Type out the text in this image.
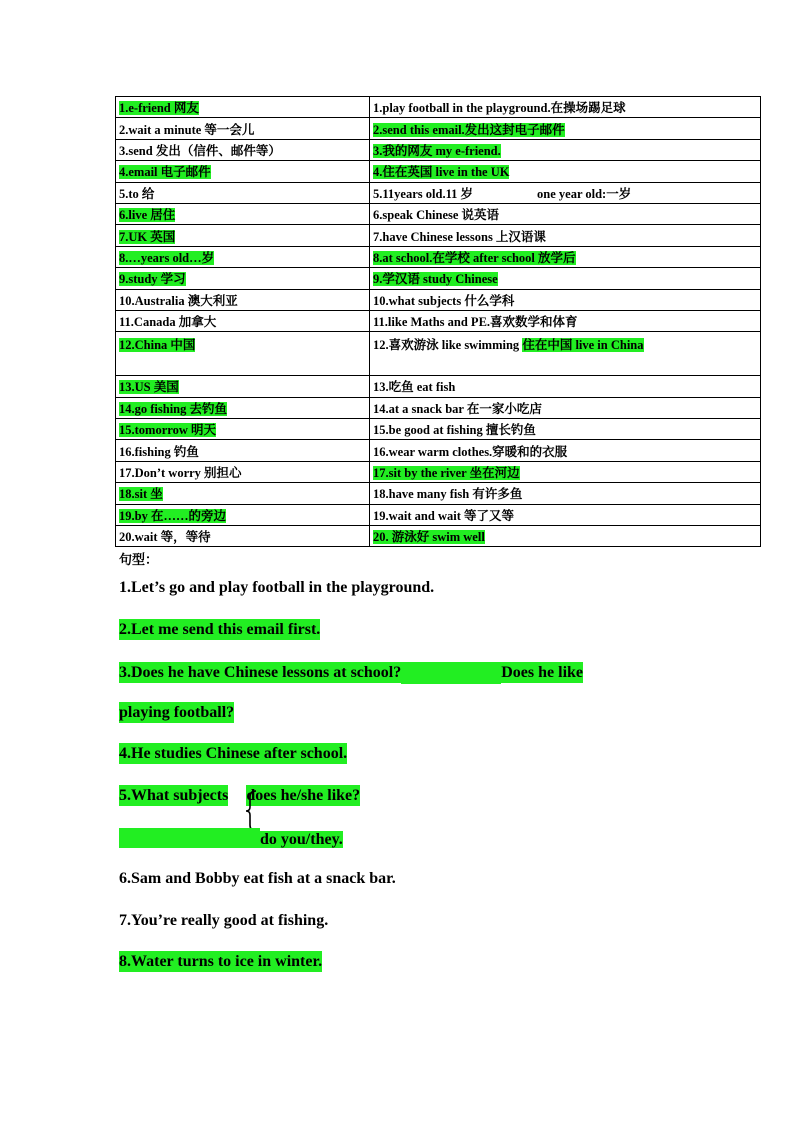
1.e-friend 网友	1.play football in the playground.在操场踢足球
2.wait a minute 等一会儿	2.send this email.发出这封电子邮件
3.send 发出（信件、邮件等）	3.我的网友 my e-friend.
4.email 电子邮件	4.住在英国 live in the UK
5.to 给	5.11years old.11 岁 one year old:一岁
6.live 居住	6.speak Chinese 说英语
7.UK 英国	7.have Chinese lessons 上汉语课
8.…years old…岁	8.at school.在学校 after school 放学后
9.study 学习	9.学汉语 study Chinese
10.Australia 澳大利亚	10.what subjects 什么学科
11.Canada 加拿大	11.like Maths and PE.喜欢数学和体育
12.China 中国	12.喜欢游泳 like swimming 住在中国 live in China
13.US 美国	13.吃鱼 eat fish
14.go fishing 去钓鱼	14.at a snack bar 在一家小吃店
15.tomorrow 明天	15.be good at fishing 擅长钓鱼
16.fishing 钓鱼	16.wear warm clothes.穿暖和的衣服
17.Don’t worry 别担心	17.sit by the river 坐在河边
18.sit 坐	18.have many fish 有许多鱼
19.by 在……的旁边	19.wait and wait 等了又等
20.wait 等，等待	20. 游泳好 swim well
句型：

1.Let’s go and play football in the playground.

2.Let me send this email first.

3.Does he have Chinese lessons at school?	Does he like

playing football?

4.He studies Chinese after school.

5.What subjects does he/she like?

do you/they.

6.Sam and Bobby eat fish at a snack bar.

7.You’re really good at fishing.

8.Water turns to ice in winter.
